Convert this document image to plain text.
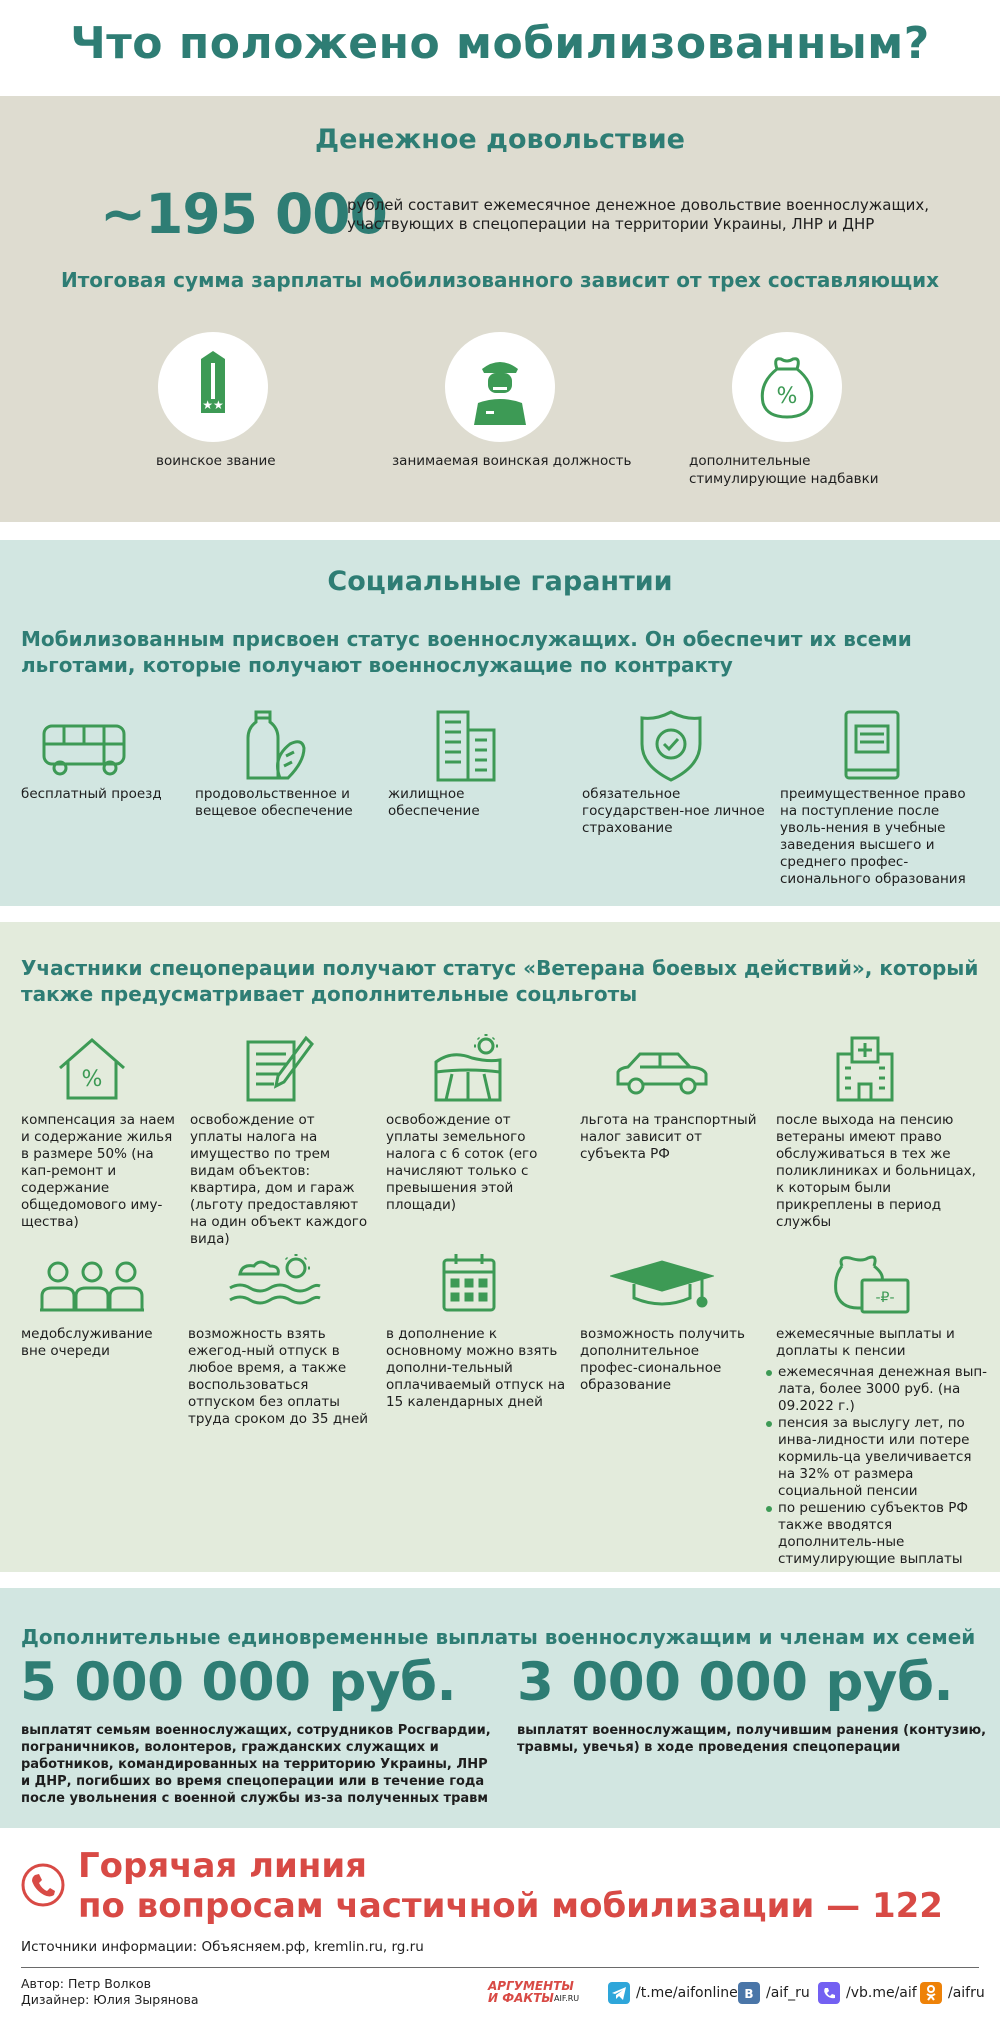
Что положено мобилизованным?
Денежное довольствие
~195 000
рублей составит ежемесячное денежное довольствие военнослужащих, участвующих в спецоперации на территории Украины, ЛНР и ДНР
Итоговая сумма зарплаты мобилизованного зависит от трех составляющих
★★
воинское звание	занимаемая воинская должность
%
дополнительные стимулирующие надбавки
Социальные гарантии
Мобилизованным присвоен статус военнослужащих. Он обеспечит их всеми льготами, которые получают военнослужащие по контракту
бесплатный проезд	продовольственное и вещевое обеспечение
жилищное обеспечение
обязательное государствен-ное личное страхование
преимущественное право на поступление после уволь-нения в учебные заведения высшего и среднего профес-сионального образования
Участники спецоперации получают статус «Ветерана боевых действий», который также предусматривает дополнительные соцльготы
%
компенсация за наем и содержание жилья в размере 50% (на кап-ремонт и содержание общедомового иму-щества)
освобождение от уплаты налога на имущество по трем видам объектов: квартира, дом и гараж (льготу предоставляют на один объект каждого вида)
освобождение от уплаты земельного налога с 6 соток (его начисляют только с превышения этой площади)
льгота на транспортный налог зависит от субъекта РФ
после выхода на пенсию ветераны имеют право обслуживаться в тех же поликлиниках и больницах, к которым были прикреплены в период службы
медобслуживание вне очереди
возможность взять ежегод-ный отпуск в любое время, а также воспользоваться отпуском без оплаты труда сроком до 35 дней
в дополнение к основному можно взять дополни-тельный оплачиваемый отпуск на 15 календарных дней
возможность получить дополнительное профес-сиональное образование
-₽-
ежемесячные выплаты и доплаты к пенсии
ежемесячная денежная вып-лата, более 3000 руб. (на 09.2022 г.)
пенсия за выслугу лет, по инва-лидности или потере кормиль-ца увеличивается на 32% от размера социальной пенсии
по решению субъектов РФ также вводятся дополнитель-ные стимулирующие выплаты
Дополнительные единовременные выплаты военнослужащим и членам их семей
5 000 000 руб.
выплатят семьям военнослужащих, сотрудников Росгвардии, пограничников, волонтеров, гражданских служащих и работников, командированных на территорию Украины, ЛНР и ДНР, погибших во время спецоперации или в течение года после увольнения с военной службы из-за полученных травм
3 000 000 руб.
выплатят военнослужащим, получившим ранения (контузию, травмы, увечья) в ходе проведения спецоперации
Горячая линия
по вопросам частичной мобилизации — 122
Источники информации: Объясняем.рф, kremlin.ru, rg.ru
Автор: Петр Волков
Дизайнер: Юлия Зырянова
АРГУМЕНТЫ
И ФАКТЫ AIF.RU	/t.me/aifonline B /aif_ru	/vb.me/aif /aifru
